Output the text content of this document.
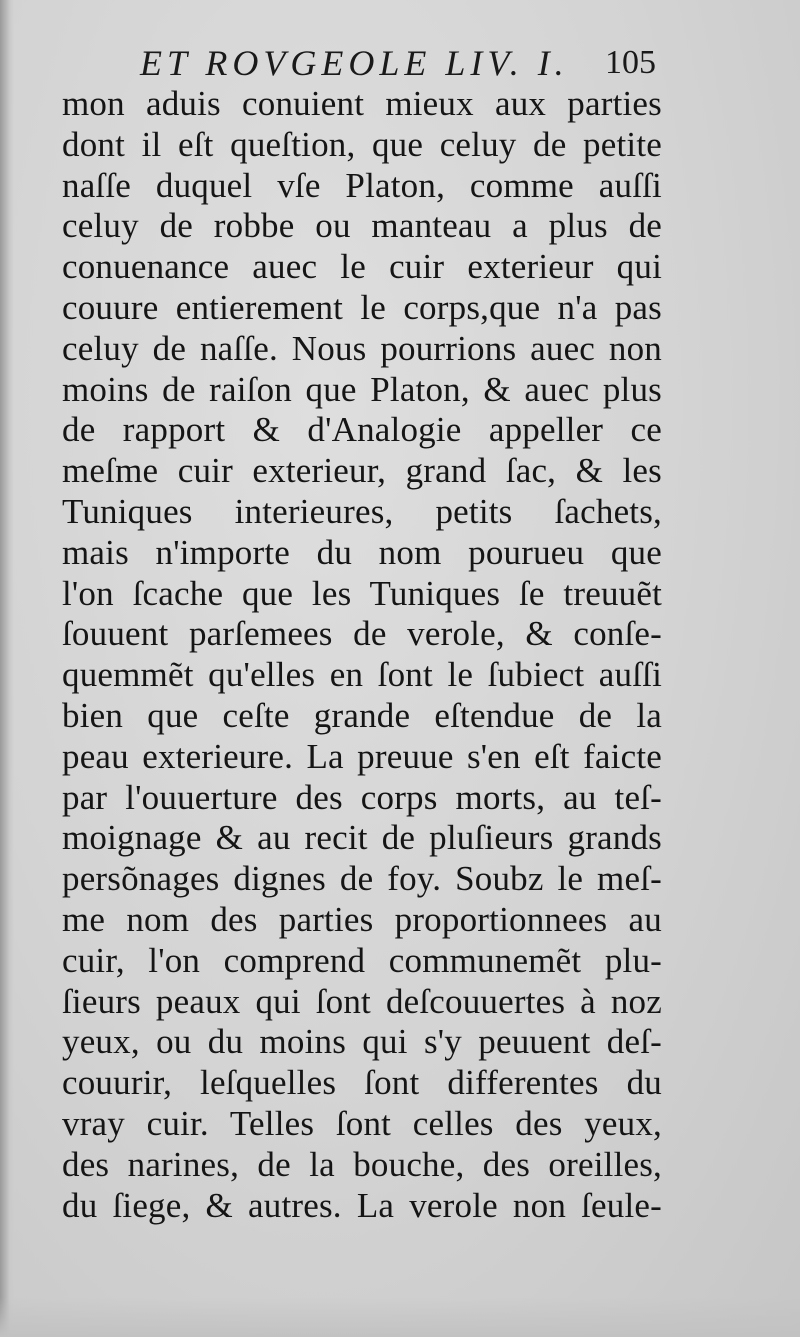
ET ROVGEOLE LIV. I. 105
mon aduis conuient mieux aux parties
dont il eſt queſtion, que celuy de petite
naſſe duquel vſe Platon, comme auſſi
celuy de robbe ou manteau a plus de
conuenance auec le cuir exterieur qui
couure entierement le corps,que n'a pas
celuy de naſſe. Nous pourrions auec non
moins de raiſon que Platon, & auec plus
de rapport & d'Analogie appeller ce
meſme cuir exterieur, grand ſac, & les
Tuniques interieures, petits ſachets,
mais n'importe du nom pourueu que
l'on ſcache que les Tuniques ſe treuuẽt
ſouuent parſemees de verole, & conſe-
quemmẽt qu'elles en ſont le ſubiect auſſi
bien que ceſte grande eſtendue de la
peau exterieure. La preuue s'en eſt faicte
par l'ouuerture des corps morts, au teſ-
moignage & au recit de pluſieurs grands
persõnages dignes de foy. Soubz le meſ-
me nom des parties proportionnees au
cuir, l'on comprend communemẽt plu-
ſieurs peaux qui ſont deſcouuertes à noz
yeux, ou du moins qui s'y peuuent deſ-
couurir, leſquelles ſont differentes du
vray cuir. Telles ſont celles des yeux,
des narines, de la bouche, des oreilles,
du ſiege, & autres. La verole non ſeule-
